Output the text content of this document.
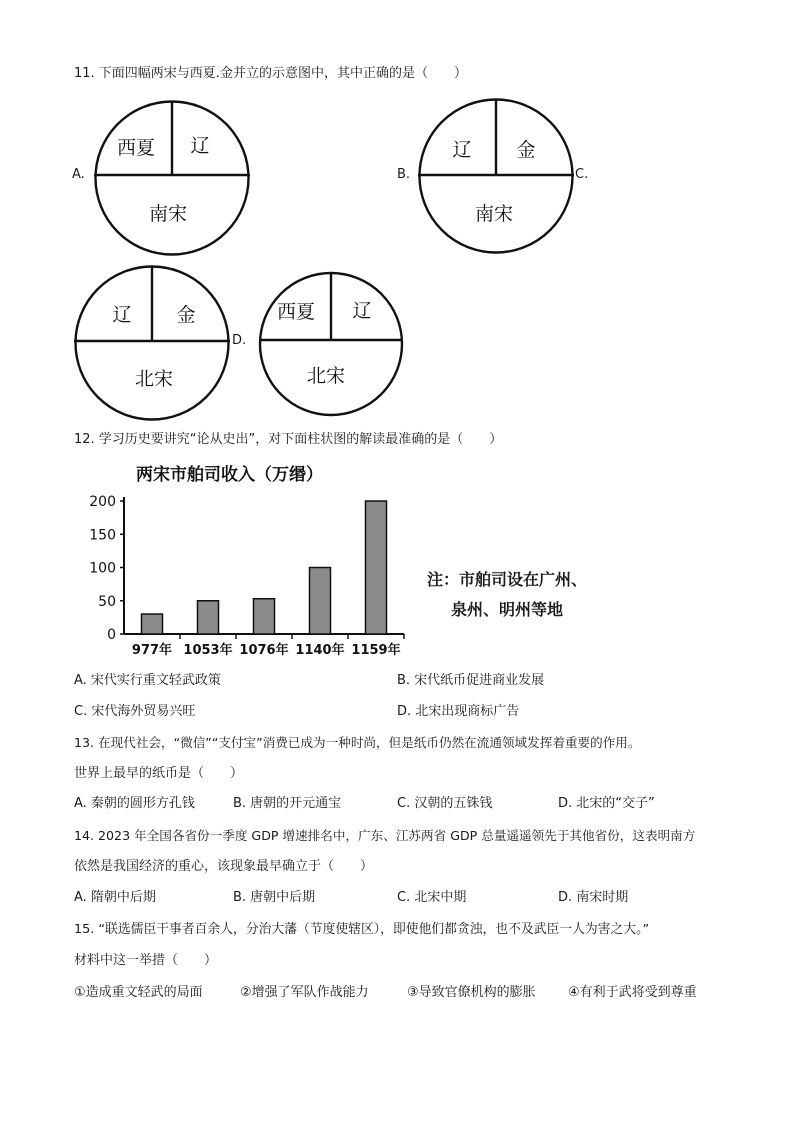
11. 下面四幅两宋与西夏.金并立的示意图中，其中正确的是（　　）
A.
西夏 辽
南宋
B.
辽 金
南宋
C.
辽 金
北宋
D.
西夏 辽
北宋
12. 学习历史要讲究“论从史出”，对下面柱状图的解读最准确的是（　　）
两宋市舶司收入（万缗）
0
50
100
150
200
977年 1053年 1076年 1140年 1159年
注：市舶司设在广州、
泉州、明州等地
A. 宋代实行重文轻武政策	B. 宋代纸币促进商业发展
C. 宋代海外贸易兴旺	D. 北宋出现商标广告
13. 在现代社会，“微信”“支付宝”消费已成为一种时尚，但是纸币仍然在流通领域发挥着重要的作用。
世界上最早的纸币是（　　）
A. 秦朝的圆形方孔钱	B. 唐朝的开元通宝	C. 汉朝的五铢钱	D. 北宋的“交子”
14. 2023 年全国各省份一季度 GDP 增速排名中，广东、江苏两省 GDP 总量遥遥领先于其他省份，这表明南方
依然是我国经济的重心，该现象最早确立于（　　）
A. 隋朝中后期	B. 唐朝中后期	C. 北宋中期	D. 南宋时期
15. “联选儒臣干事者百余人，分治大藩（节度使辖区），即使他们都贪浊，也不及武臣一人为害之大。”
材料中这一举措（　　）
①造成重文轻武的局面	②增强了军队作战能力	③导致官僚机构的膨胀 ④有利于武将受到尊重
